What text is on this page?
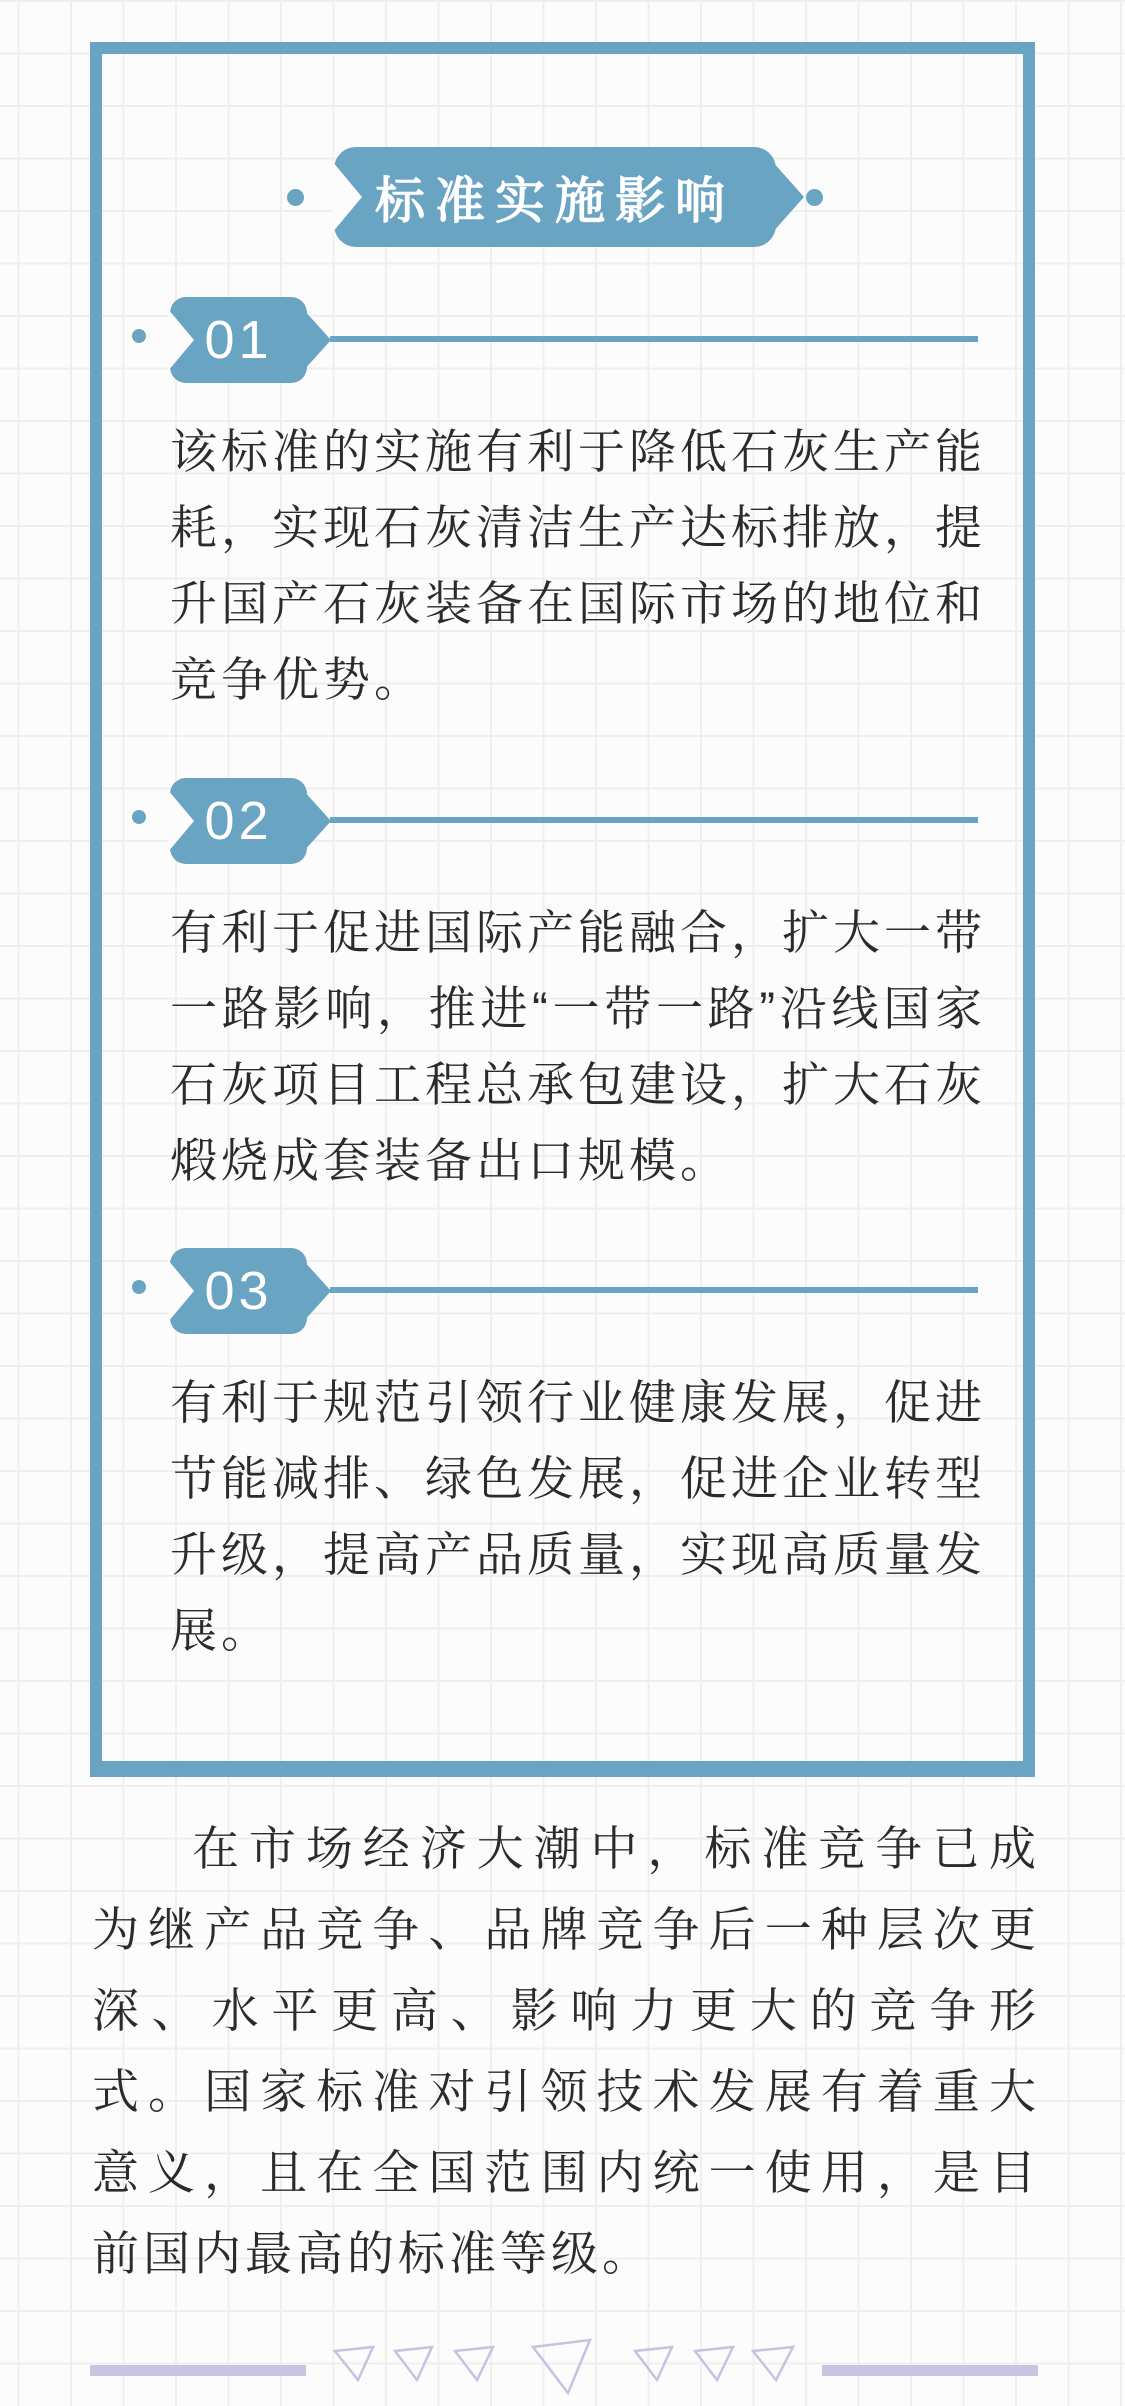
标准实施影响
01
该标准的实施有利于降低石灰生产能
耗，实现石灰清洁生产达标排放，提
升国产石灰装备在国际市场的地位和
竞争优势。
02
有利于促进国际产能融合，扩大一带
一路影响，推进“一带一路”沿线国家
石灰项目工程总承包建设，扩大石灰
煅烧成套装备出口规模。
03
有利于规范引领行业健康发展，促进
节能减排、绿色发展，促进企业转型
升级，提高产品质量，实现高质量发
展。
在市场经济大潮中，标准竞争已成
为继产品竞争、品牌竞争后一种层次更
深、水平更高、影响力更大的竞争形
式。国家标准对引领技术发展有着重大
意义，且在全国范围内统一使用，是目
前国内最高的标准等级。
